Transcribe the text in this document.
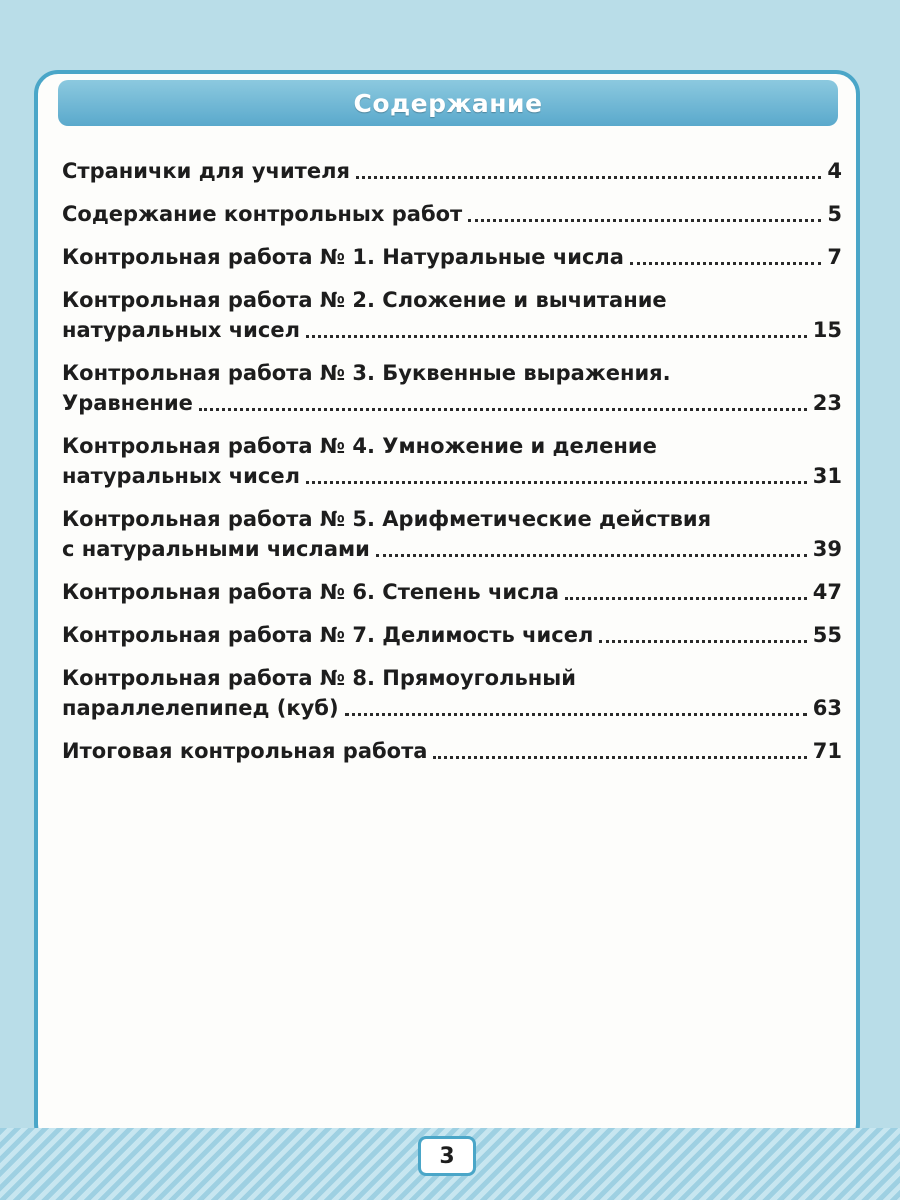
Содержание
Странички для учителя	4
Содержание контрольных работ	5
Контрольная работа № 1. Натуральные числа	7
Контрольная работа № 2. Сложение и вычитание
натуральных чисел	15
Контрольная работа № 3. Буквенные выражения.
Уравнение	23
Контрольная работа № 4. Умножение и деление
натуральных чисел	31
Контрольная работа № 5. Арифметические действия
с натуральными числами	39
Контрольная работа № 6. Степень числа	47
Контрольная работа № 7. Делимость чисел	55
Контрольная работа № 8. Прямоугольный
параллелепипед (куб)	63
Итоговая контрольная работа	71
3
